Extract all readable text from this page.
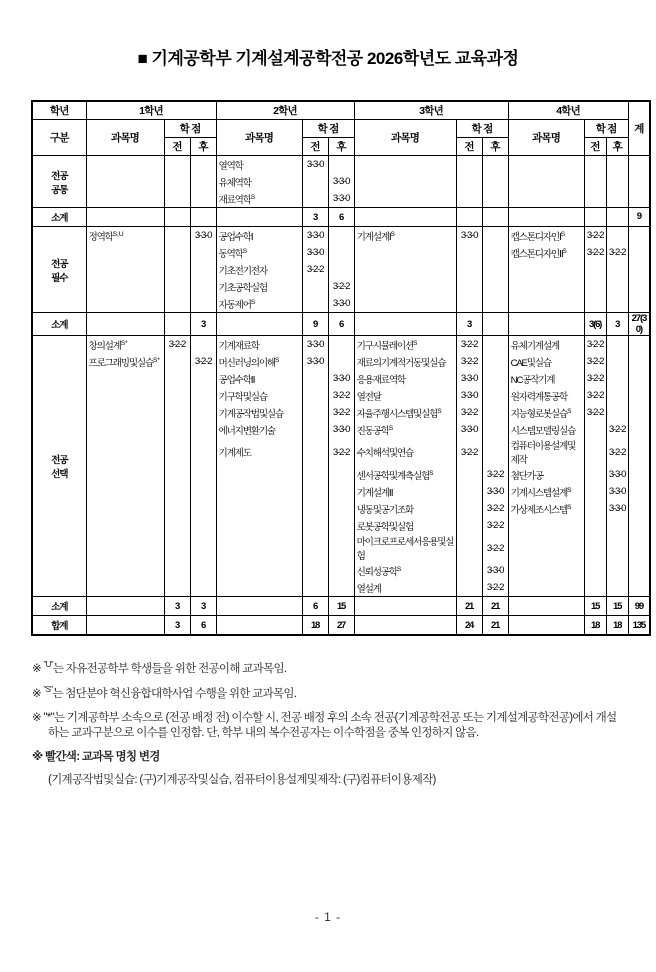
■ 기계공학부 기계설계공학전공 2026학년도 교육과정
학년	1학년			2학년			3학년			4학년			계
구분	과목명	학 점		과목명	학 점		과목명	학 점		과목명	학 점		
		전	후		전	후		전	후		전	후	

전공
공통				열역학	3-3-0								
				유체역학		3-3-0							
				재료역학$^S$		3-3-0							
소계					3	6							9

전공
필수	정역학$^{S,U}$		3-3-0	공업수학Ⅰ	3-3-0		기계설계Ⅰ$^S$	3-3-0		캡스톤디자인Ⅰ$^S$	3-2-2		
				동역학$^S$	3-3-0					캡스톤디자인Ⅱ$^S$	3-2-2	3-2-2	
				기초전기전자	3-2-2								
				기초공학실험		3-2-2							
				자동제어$^S$		3-3-0							
소계			3		9	6		3			3(6)	3	27(30)

전공
선택	창의설계$^{S*}$	3-2-2		기계재료학	3-3-0		기구시뮬레이션$^S$	3-2-2		유체기계설계	3-2-2		
	프로그래밍및실습$^{S*}$		3-2-2	머신러닝의이해$^S$	3-3-0		재료의기계적거동및실습	3-2-2		CAE및실습	3-2-2		
				공업수학Ⅱ		3-3-0	응용재료역학	3-3-0		NC공작기계	3-2-2		
				기구학및실습		3-2-2	열전달	3-3-0		원자력계통공학	3-2-2		
				기계공작법및실습		3-2-2	자율주행시스템및실험$^S$	3-2-2		지능형로봇실습$^S$	3-2-2		
				에너지변환기술		3-3-0	진동공학$^S$	3-3-0		시스템모델링실습		3-2-2	
				기계제도		3-2-2	수치해석및연습	3-2-2		컴퓨터이용설계및제작		3-2-2	
							센서공학및계측실험$^S$		3-2-2	첨단가공		3-3-0	
							기계설계Ⅱ		3-3-0	기계시스템설계$^S$		3-3-0	
							냉동및공기조화		3-2-2	가상제조시스템$^S$		3-3-0	
							로봇공학및실험		3-2-2				
							마이크로프로세서응용및실험		3-2-2				
							신뢰성공학$^S$		3-3-0				
							열설계		3-2-2				
소계		3	3		6	15		21	21		15	15	99
합계		3	6		18	27		24	21		18	18	135
※ $^{"U"}$는 자유전공학부 학생들을 위한 전공이해 교과목임.
※ $^{"S"}$는 첨단분야 혁신융합대학사업 수행을 위한 교과목임.
※ "*"는 기계공학부 소속으로 (전공 배정 전) 이수할 시, 전공 배정 후의 소속 전공(기계공학전공 또는 기계설계공학전공)에서 개설하는 교과구분으로 이수를 인정함. 단, 학부 내의 복수전공자는 이수학점을 중복 인정하지 않음.
※ 빨간색: 교과목 명칭 변경
(기계공작법및실습: (구)기계공작및실습, 컴퓨터이용설계및제작: (구)컴퓨터이용제작)
- 1 -
